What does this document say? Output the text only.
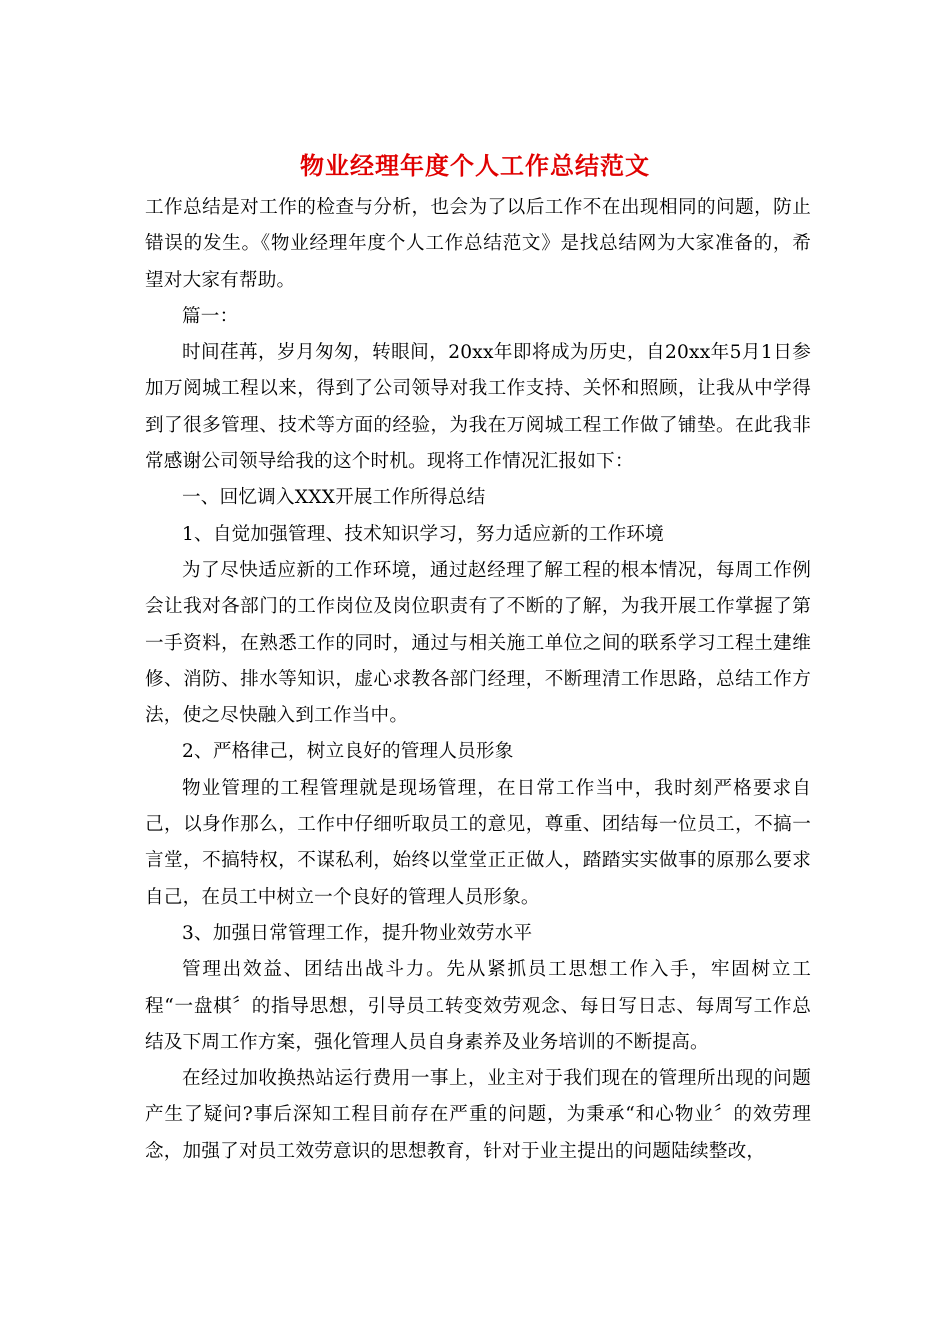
物业经理年度个人工作总结范文

工作总结是对工作的检查与分析，也会为了以后工作不在出现相同的问题，防止错误的发生。《物业经理年度个人工作总结范文》是找总结网为大家准备的，希望对大家有帮助。

篇一：

时间荏苒，岁月匆匆，转眼间，20xx年即将成为历史，自20xx年5月1日参加万阅城工程以来，得到了公司领导对我工作支持、关怀和照顾，让我从中学得到了很多管理、技术等方面的经验，为我在万阅城工程工作做了铺垫。在此我非常感谢公司领导给我的这个时机。现将工作情况汇报如下：

一、回忆调入XXX开展工作所得总结

1、自觉加强管理、技术知识学习，努力适应新的工作环境

为了尽快适应新的工作环境，通过赵经理了解工程的根本情况，每周工作例会让我对各部门的工作岗位及岗位职责有了不断的了解，为我开展工作掌握了第一手资料，在熟悉工作的同时，通过与相关施工单位之间的联系学习工程土建维修、消防、排水等知识，虚心求教各部门经理，不断理清工作思路，总结工作方法，使之尽快融入到工作当中。

2、严格律己，树立良好的管理人员形象

物业管理的工程管理就是现场管理，在日常工作当中，我时刻严格要求自己，以身作那么，工作中仔细听取员工的意见，尊重、团结每一位员工，不搞一言堂，不搞特权，不谋私利，始终以堂堂正正做人，踏踏实实做事的原那么要求自己，在员工中树立一个良好的管理人员形象。

3、加强日常管理工作，提升物业效劳水平

管理出效益、团结出战斗力。先从紧抓员工思想工作入手，牢固树立工程“一盘棋〞的指导思想，引导员工转变效劳观念、每日写日志、每周写工作总结及下周工作方案，强化管理人员自身素养及业务培训的不断提高。

在经过加收换热站运行费用一事上，业主对于我们现在的管理所出现的问题产生了疑问?事后深知工程目前存在严重的问题，为秉承“和心物业〞的效劳理念，加强了对员工效劳意识的思想教育，针对于业主提出的问题陆续整改，
